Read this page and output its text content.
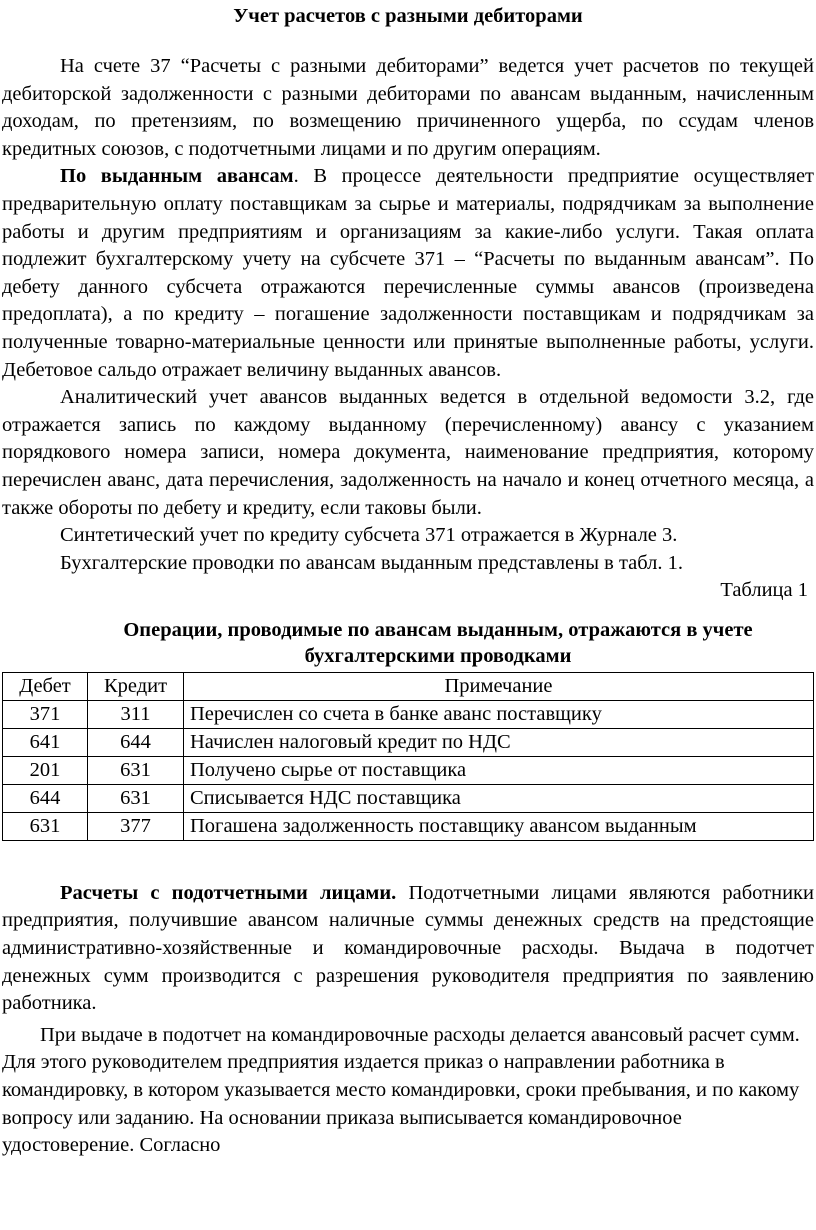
Учет расчетов с разными дебиторами

На счете 37 “Расчеты с разными дебиторами” ведется учет расчетов по текущей дебиторской задолженности с разными дебиторами по авансам выданным, начисленным доходам, по претензиям, по возмещению причиненного ущерба, по ссудам членов кредитных союзов, с подотчетными лицами и по другим операциям.

По выданным авансам. В процессе деятельности предприятие осуществляет предварительную оплату поставщикам за сырье и материалы, подрядчикам за выполнение работы и другим предприятиям и организациям за какие-либо услуги. Такая оплата подлежит бухгалтерскому учету на субсчете 371 – “Расчеты по выданным авансам”. По дебету данного субсчета отражаются перечисленные суммы авансов (произведена предоплата), а по кредиту – погашение задолженности поставщикам и подрядчикам за полученные товарно-материальные ценности или принятые выполненные работы, услуги. Дебетовое сальдо отражает величину выданных авансов.

Аналитический учет авансов выданных ведется в отдельной ведомости 3.2, где отражается запись по каждому выданному (перечисленному) авансу с указанием порядкового номера записи, номера документа, наименование предприятия, которому перечислен аванс, дата перечисления, задолженность на начало и конец отчетного месяца, а также обороты по дебету и кредиту, если таковы были.

Синтетический учет по кредиту субсчета 371 отражается в Журнале 3.

Бухгалтерские проводки по авансам выданным представлены в табл. 1.

Таблица 1

Операции, проводимые по авансам выданным, отражаются в учете бухгалтерскими проводками

Дебет	Кредит	Примечание
371	311	Перечислен со счета в банке аванс поставщику
641	644	Начислен налоговый кредит по НДС
201	631	Получено сырье от поставщика
644	631	Списывается НДС поставщика
631	377	Погашена задолженность поставщику авансом выданным

Расчеты с подотчетными лицами. Подотчетными лицами являются работники предприятия, получившие авансом наличные суммы денежных средств на предстоящие административно-хозяйственные и командировочные расходы. Выдача в подотчет денежных сумм производится с разрешения руководителя предприятия по заявлению работника.

При выдаче в подотчет на командировочные расходы делается авансовый расчет сумм. Для этого руководителем предприятия издается приказ о направлении работника в командировку, в котором указывается место командировки, сроки пребывания, и по какому вопросу или заданию. На основании приказа выписывается командировочное удостоверение. Согласно
